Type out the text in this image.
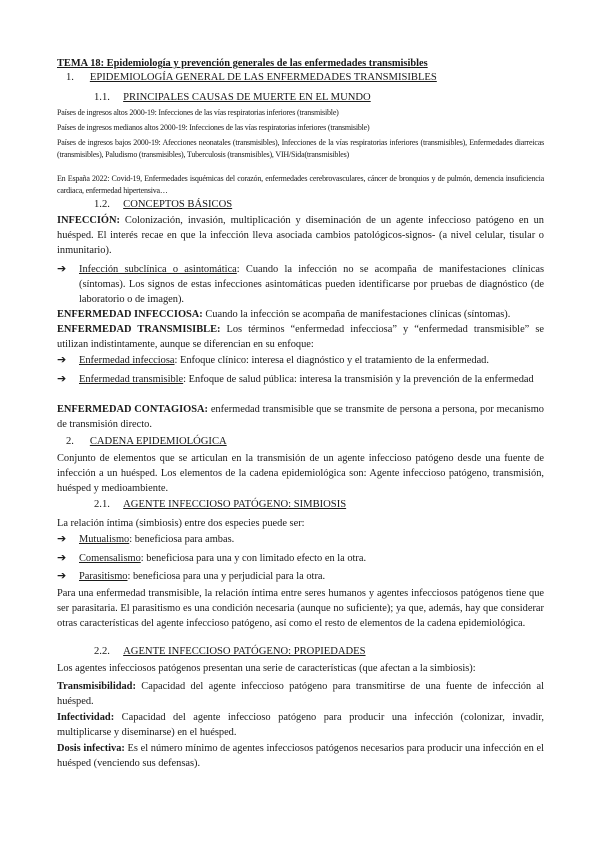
TEMA 18: Epidemiología y prevención generales de las enfermedades transmisibles
1. EPIDEMIOLOGÍA GENERAL DE LAS ENFERMEDADES TRANSMISIBLES
1.1. PRINCIPALES CAUSAS DE MUERTE EN EL MUNDO
Países de ingresos altos 2000-19: Infecciones de las vías respiratorias inferiores (transmisible)
Países de ingresos medianos altos 2000-19: Infecciones de las vías respiratorias inferiores (transmisible)
Países de ingresos bajos 2000-19: Afecciones neonatales (transmisibles), Infecciones de la vías respiratorias inferiores (transmisibles), Enfermedades diarreicas (transmisibles), Paludismo (transmisibles), Tuberculosis (transmisibles), VIH/Sida(transmisibles)
En España 2022: Covid-19, Enfermedades isquémicas del corazón, enfermedades cerebrovasculares, cáncer de bronquios y de pulmón, demencia insuficiencia cardiaca, enfermedad hipertensiva…
1.2. CONCEPTOS BÁSICOS
INFECCIÓN: Colonización, invasión, multiplicación y diseminación de un agente infeccioso patógeno en un huésped. El interés recae en que la infección lleva asociada cambios patológicos-signos- (a nivel celular, tisular o inmunitario).
➔ Infección subclínica o asintomática: Cuando la infección no se acompaña de manifestaciones clínicas (síntomas). Los signos de estas infecciones asintomáticas pueden identificarse por pruebas de diagnóstico (de laboratorio o de imagen).
ENFERMEDAD INFECCIOSA: Cuando la infección se acompaña de manifestaciones clínicas (síntomas).
ENFERMEDAD TRANSMISIBLE: Los términos “enfermedad infecciosa” y “enfermedad transmisible” se utilizan indistintamente, aunque se diferencian en su enfoque:
➔ Enfermedad infecciosa: Enfoque clínico: interesa el diagnóstico y el tratamiento de la enfermedad.
➔ Enfermedad transmisible: Enfoque de salud pública: interesa la transmisión y la prevención de la enfermedad
ENFERMEDAD CONTAGIOSA: enfermedad transmisible que se transmite de persona a persona, por mecanismo de transmisión directo.
2. CADENA EPIDEMIOLÓGICA
Conjunto de elementos que se articulan en la transmisión de un agente infeccioso patógeno desde una fuente de infección a un huésped. Los elementos de la cadena epidemiológica son: Agente infeccioso patógeno, transmisión, huésped y medioambiente.
2.1. AGENTE INFECCIOSO PATÓGENO: SIMBIOSIS
La relación íntima (simbiosis) entre dos especies puede ser:
➔ Mutualismo: beneficiosa para ambas.
➔ Comensalismo: beneficiosa para una y con limitado efecto en la otra.
➔ Parasitismo: beneficiosa para una y perjudicial para la otra.
Para una enfermedad transmisible, la relación íntima entre seres humanos y agentes infecciosos patógenos tiene que ser parasitaria. El parasitismo es una condición necesaria (aunque no suficiente); ya que, además, hay que considerar otras características del agente infeccioso patógeno, así como el resto de elementos de la cadena epidemiológica.
2.2. AGENTE INFECCIOSO PATÓGENO: PROPIEDADES
Los agentes infecciosos patógenos presentan una serie de características (que afectan a la simbiosis):
Transmisibilidad: Capacidad del agente infeccioso patógeno para transmitirse de una fuente de infección al huésped.
Infectividad: Capacidad del agente infeccioso patógeno para producir una infección (colonizar, invadir, multiplicarse y diseminarse) en el huésped.
Dosis infectiva: Es el número mínimo de agentes infecciosos patógenos necesarios para producir una infección en el huésped (venciendo sus defensas).
